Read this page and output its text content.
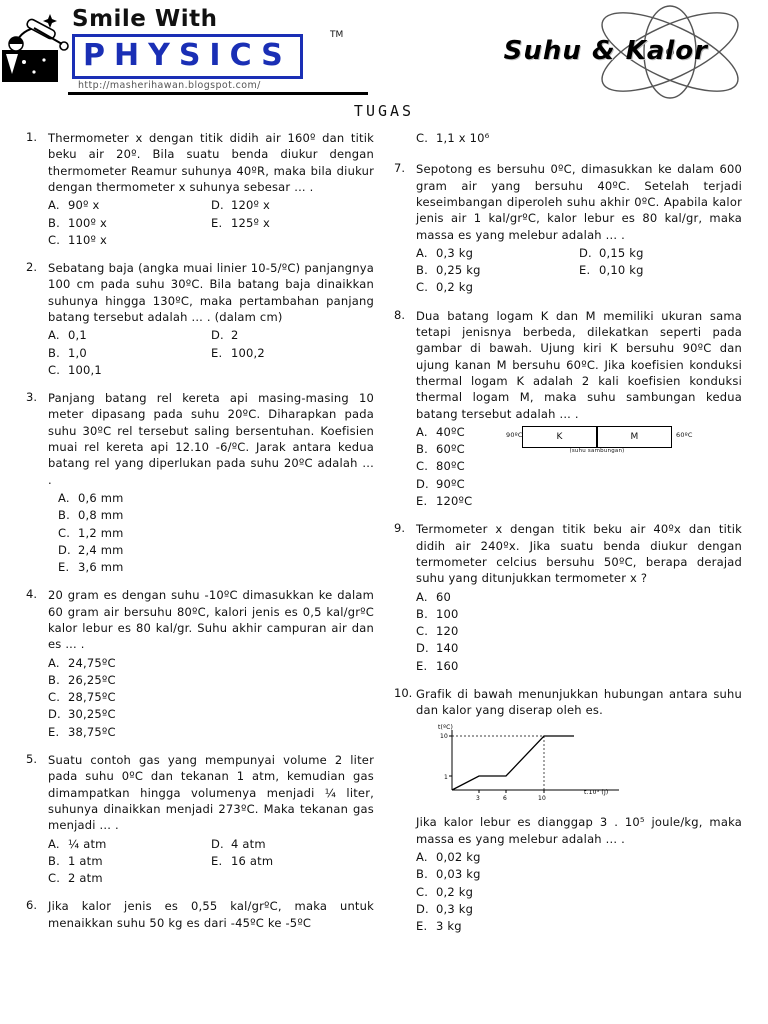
Smile With
PHYSICS
TM
http://masherihawan.blogspot.com/
Suhu & Kalor
TUGAS
1. Thermometer x dengan titik didih air 160º dan titik beku air 20º. Bila suatu benda diukur dengan thermometer Reamur suhunya 40ºR, maka bila diukur dengan thermometer x suhunya sebesar ... .
A. 90º x	D. 120º x
B. 100º x	E. 125º x
C. 110º x
2. Sebatang baja (angka muai linier 10-5/ºC) panjangnya 100 cm pada suhu 30ºC. Bila batang baja dinaikkan suhunya hingga 130ºC, maka pertambahan panjang batang tersebut adalah ... . (dalam cm)
A. 0,1	D. 2
B. 1,0	E. 100,2
C. 100,1
3. Panjang batang rel kereta api masing-masing 10 meter dipasang pada suhu 20ºC. Diharapkan pada suhu 30ºC rel tersebut saling bersentuhan. Koefisien muai rel kereta api 12.10 -6/ºC. Jarak antara kedua batang rel yang diperlukan pada suhu 20ºC adalah ... .
A. 0,6 mm
B. 0,8 mm
C. 1,2 mm
D. 2,4 mm
E. 3,6 mm
4. 20 gram es dengan suhu -10ºC dimasukkan ke dalam 60 gram air bersuhu 80ºC, kalori jenis es 0,5 kal/grºC kalor lebur es 80 kal/gr. Suhu akhir campuran air dan es ... .
A. 24,75ºC
B. 26,25ºC
C. 28,75ºC
D. 30,25ºC
E. 38,75ºC
5. Suatu contoh gas yang mempunyai volume 2 liter pada suhu 0ºC dan tekanan 1 atm, kemudian gas dimampatkan hingga volumenya menjadi ¼ liter, suhunya dinaikkan menjadi 273ºC. Maka tekanan gas menjadi ... .
A. ¼ atm	D. 4 atm
B. 1 atm	E. 16 atm
C. 2 atm
6. Jika kalor jenis es 0,55 kal/grºC, maka untuk menaikkan suhu 50 kg es dari -45ºC ke -5ºC
C. 1,1 x 10⁶
7. Sepotong es bersuhu 0ºC, dimasukkan ke dalam 600 gram air yang bersuhu 40ºC. Setelah terjadi keseimbangan diperoleh suhu akhir 0ºC. Apabila kalor jenis air 1 kal/grºC, kalor lebur es 80 kal/gr, maka massa es yang melebur adalah ... .
A. 0,3 kg	D. 0,15 kg
B. 0,25 kg	E. 0,10 kg
C. 0,2 kg
8. Dua batang logam K dan M memiliki ukuran sama tetapi jenisnya berbeda, dilekatkan seperti pada gambar di bawah. Ujung kiri K bersuhu 90ºC dan ujung kanan M bersuhu 60ºC. Jika koefisien konduksi thermal logam K adalah 2 kali koefisien konduksi thermal logam M, maka suhu sambungan kedua batang tersebut adalah ... .
A. 40ºC
B. 60ºC
C. 80ºC
D. 90ºC
E. 120ºC
90ºC	60ºC
K	M
(suhu sambungan)
9. Termometer x dengan titik beku air 40ºx dan titik didih air 240ºx. Jika suatu benda diukur dengan termometer celcius bersuhu 50ºC, berapa derajad suhu yang ditunjukkan termometer x ?
A. 60
B. 100
C. 120
D. 140
E. 160
10. Grafik di bawah menunjukkan hubungan antara suhu dan kalor yang diserap oleh es.
10
1
3	6	10
t.10³ (J)
t(ºC)
Jika kalor lebur es dianggap 3 . 10⁵ joule/kg, maka massa es yang melebur adalah ... .
A. 0,02 kg
B. 0,03 kg
C. 0,2 kg
D. 0,3 kg
E. 3 kg
